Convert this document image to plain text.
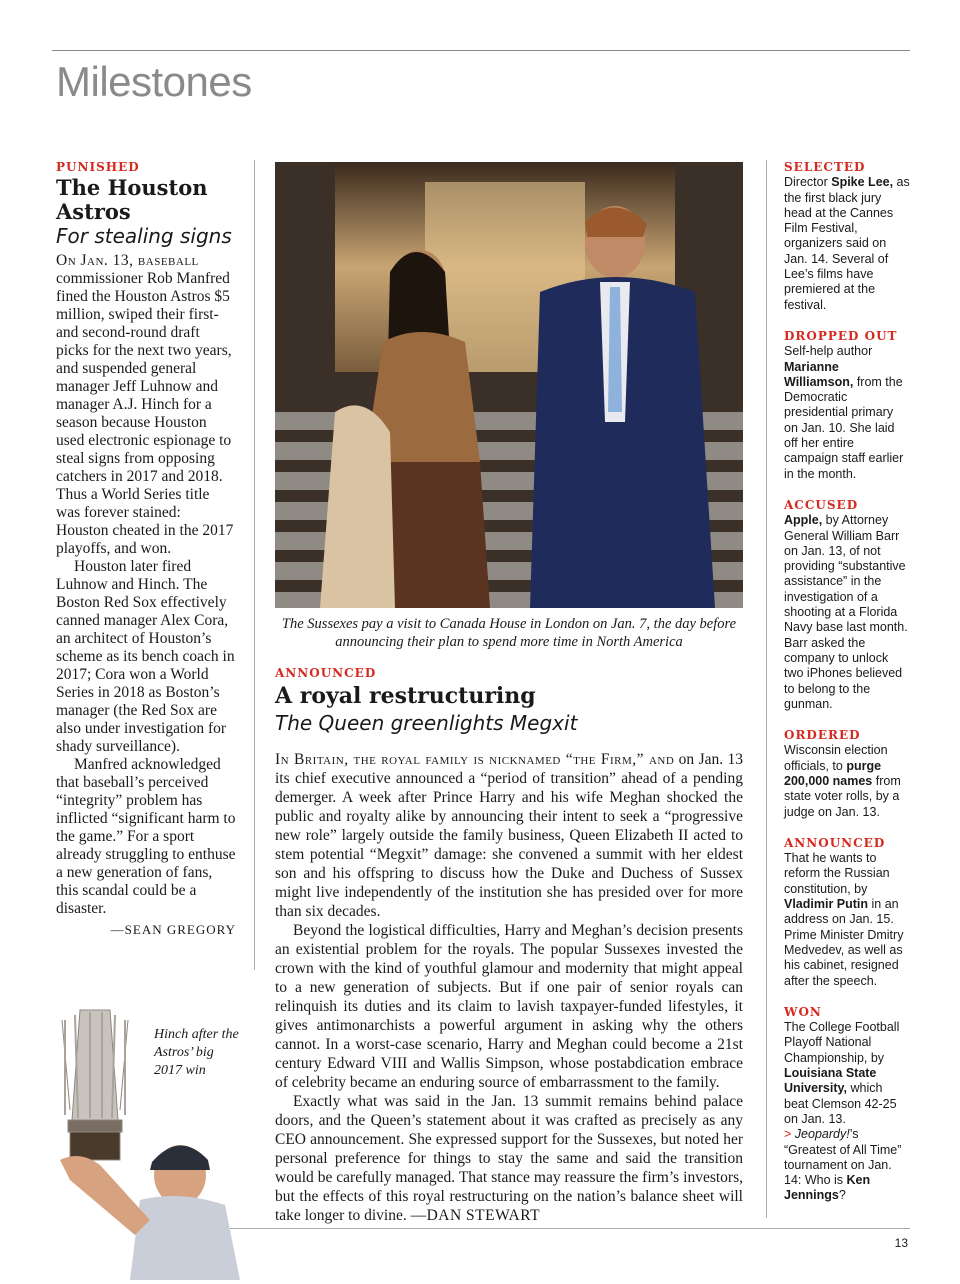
Milestones
PUNISHED
The Houston Astros
For stealing signs

On Jan. 13, baseball commissioner Rob Manfred fined the Houston Astros $5 million, swiped their first- and second-round draft picks for the next two years, and suspended general manager Jeff Luhnow and manager A.J. Hinch for a season because Houston used electronic espionage to steal signs from opposing catchers in 2017 and 2018. Thus a World Series title was forever stained: Houston cheated in the 2017 playoffs, and won.

Houston later fired Luhnow and Hinch. The Boston Red Sox effectively canned manager Alex Cora, an architect of Houston’s scheme as its bench coach in 2017; Cora won a World Series in 2018 as Boston’s manager (the Red Sox are also under investigation for shady surveillance).

Manfred acknowledged that baseball’s perceived “integrity” problem has inflicted “significant harm to the game.” For a sport already struggling to enthuse a new generation of fans, this scandal could be a disaster.

—SEAN GREGORY
The Sussexes pay a visit to Canada House in London on Jan. 7, the day before announcing their plan to spend more time in North America
ANNOUNCED
A royal restructuring
The Queen greenlights Megxit

In Britain, the royal family is nicknamed “the Firm,” and on Jan. 13 its chief executive announced a “period of transition” ahead of a pending demerger. A week after Prince Harry and his wife Meghan shocked the public and royalty alike by announcing their intent to seek a “progressive new role” largely outside the family business, Queen Elizabeth II acted to stem potential “Megxit” damage: she convened a summit with her eldest son and his offspring to discuss how the Duke and Duchess of Sussex might live independently of the institution she has presided over for more than six decades.

Beyond the logistical difficulties, Harry and Meghan’s decision presents an existential problem for the royals. The popular Sussexes invested the crown with the kind of youthful glamour and modernity that might appeal to a new generation of subjects. But if one pair of senior royals can relinquish its duties and its claim to lavish taxpayer-funded lifestyles, it gives antimonarchists a powerful argument in asking why the others cannot. In a worst-case scenario, Harry and Meghan could become a 21st century Edward VIII and Wallis Simpson, whose postabdication embrace of celebrity became an enduring source of embarrassment to the family.

Exactly what was said in the Jan. 13 summit remains behind palace doors, and the Queen’s statement about it was crafted as precisely as any CEO announcement. She expressed support for the Sussexes, but noted her personal preference for things to stay the same and said the transition would be carefully managed. That stance may reassure the firm’s investors, but the effects of this royal restructuring on the nation’s balance sheet will take longer to divine. —DAN STEWART

SELECTED
Director Spike Lee, as the first black jury head at the Cannes Film Festival, organizers said on Jan. 14. Several of Lee’s films have premiered at the festival.
DROPPED OUT
Self-help author Marianne Williamson, from the Democratic presidential primary on Jan. 10. She laid off her entire campaign staff earlier in the month.
ACCUSED
Apple, by Attorney General William Barr on Jan. 13, of not providing “substantive assistance” in the investigation of a shooting at a Florida Navy base last month. Barr asked the company to unlock two iPhones believed to belong to the gunman.
ORDERED
Wisconsin election officials, to purge 200,000 names from state voter rolls, by a judge on Jan. 13.
ANNOUNCED
That he wants to reform the Russian constitution, by Vladimir Putin in an address on Jan. 15. Prime Minister Dmitry Medvedev, as well as his cabinet, resigned after the speech.
WON
The College Football Playoff National Championship, by Louisiana State University, which beat Clemson 42-25 on Jan. 13.
> Jeopardy!’s “Greatest of All Time” tournament on Jan. 14: Who is Ken Jennings?
Hinch after the Astros’ big 2017 win
13
